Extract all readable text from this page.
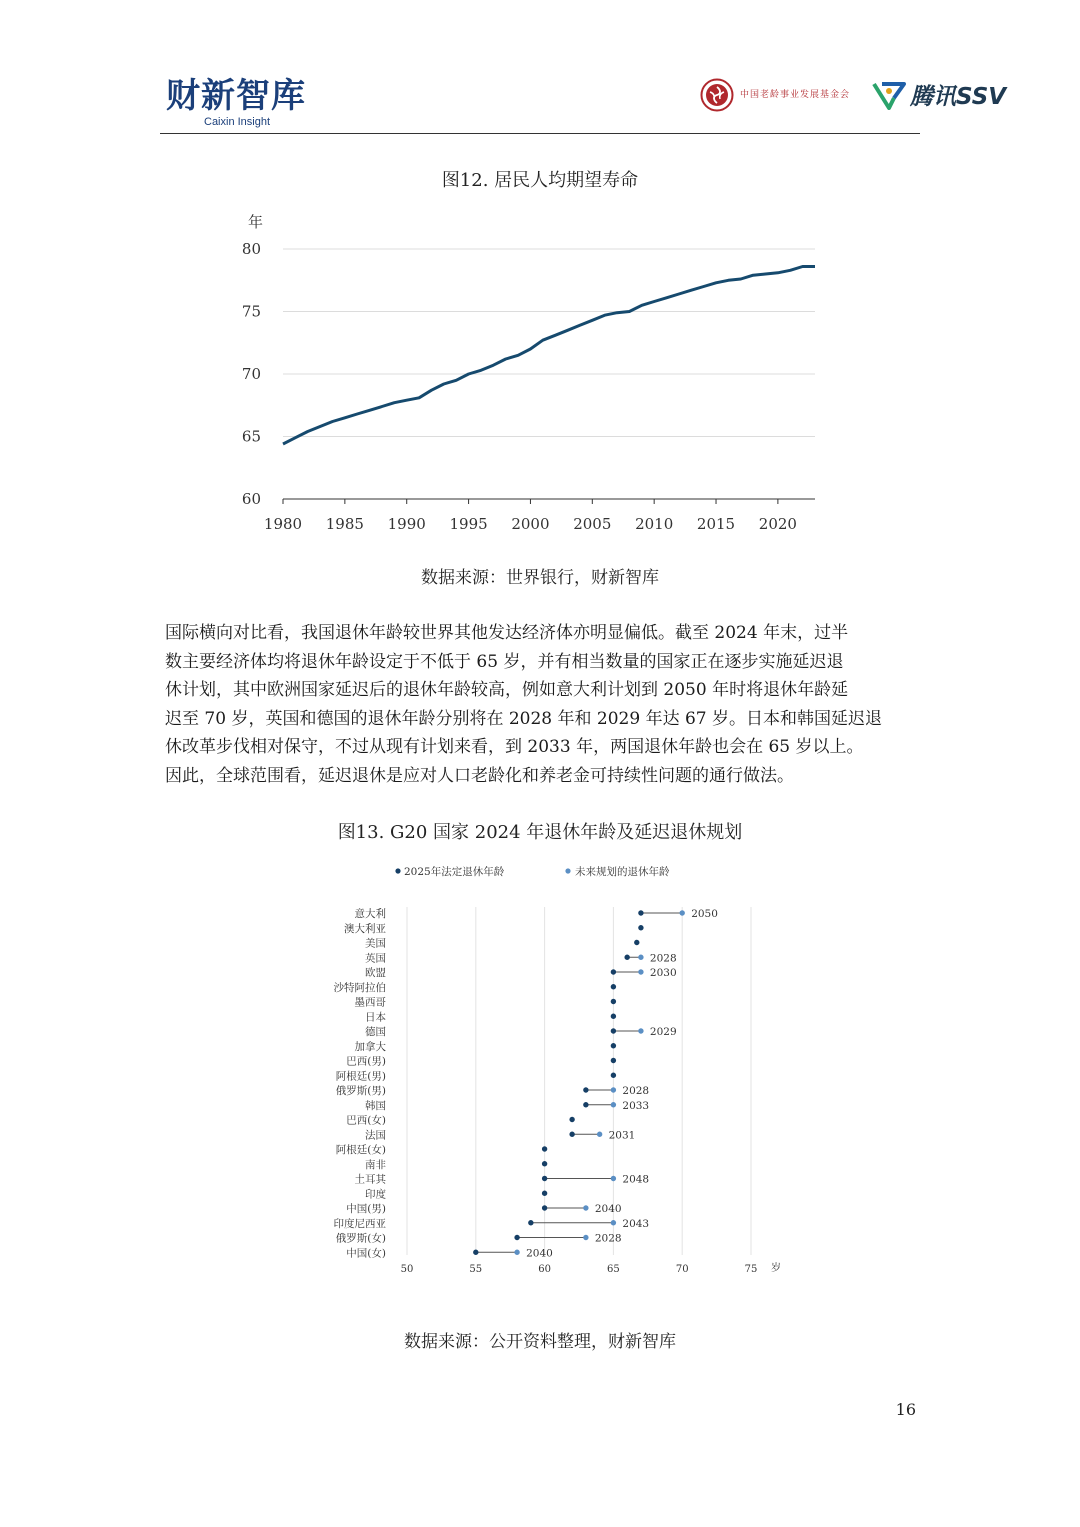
财新智库
Caixin Insight
中国老龄事业发展基金会	腾讯SSV
图12. 居民人均期望寿命
年
60
65
70
75
80
1980 1985 1990 1995 2000 2005 2010 2015 2020
数据来源：世界银行，财新智库

国际横向对比看，我国退休年龄较世界其他发达经济体亦明显偏低。截至 2024 年末，过半

数主要经济体均将退休年龄设定于不低于 65 岁，并有相当数量的国家正在逐步实施延迟退

休计划，其中欧洲国家延迟后的退休年龄较高，例如意大利计划到 2050 年时将退休年龄延

迟至 70 岁，英国和德国的退休年龄分别将在 2028 年和 2029 年达 67 岁。日本和韩国延迟退

休改革步伐相对保守，不过从现有计划来看，到 2033 年，两国退休年龄也会在 65 岁以上。

因此，全球范围看，延迟退休是应对人口老龄化和养老金可持续性问题的通行做法。

图13. G20 国家 2024 年退休年龄及延迟退休规划
2025年法定退休年龄	未来规划的退休年龄
50	55	60	65	70	75 岁
意大利	2050
澳大利亚
美国
英国	2028
欧盟	2030
沙特阿拉伯
墨西哥
日本
德国	2029
加拿大
巴西(男)
阿根廷(男)
俄罗斯(男)	2028
韩国	2033
巴西(女)
法国	2031
阿根廷(女)
南非
土耳其	2048
印度
中国(男)	2040
印度尼西亚	2043
俄罗斯(女)	2028
中国(女)	2040
数据来源：公开资料整理，财新智库
16
